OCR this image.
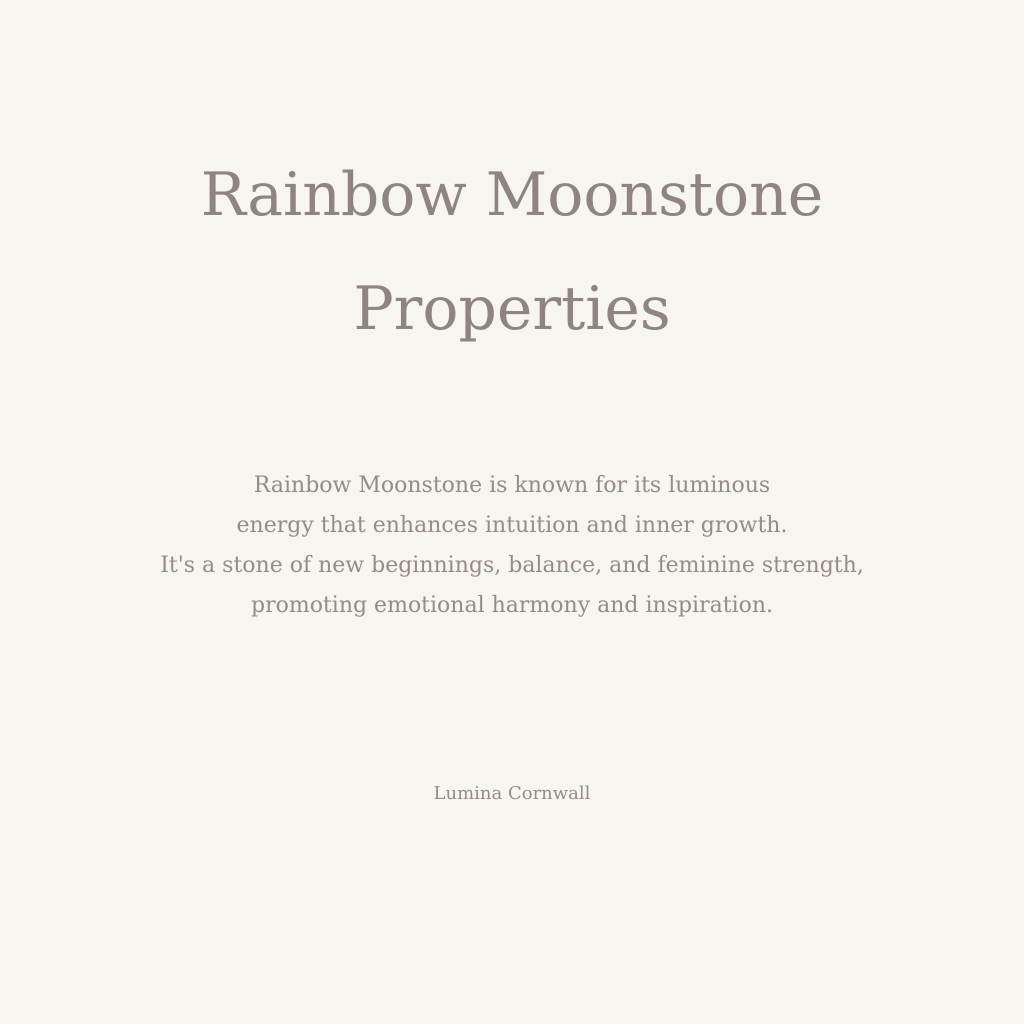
Rainbow Moonstone
Properties

Rainbow Moonstone is known for its luminous
energy that enhances intuition and inner growth.
It's a stone of new beginnings, balance, and feminine strength,
promoting emotional harmony and inspiration.

Lumina Cornwall
